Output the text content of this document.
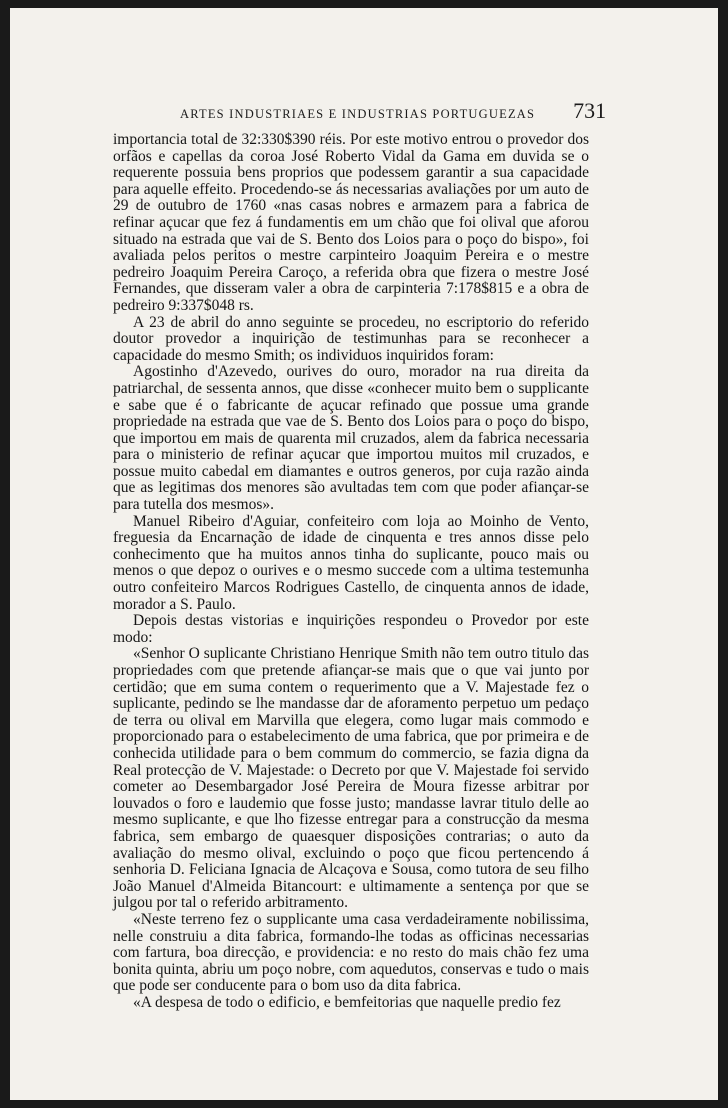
ARTES INDUSTRIAES E INDUSTRIAS PORTUGUEZAS 731

importancia total de 32:330$390 réis. Por este motivo entrou o provedor dos orfãos e capellas da coroa José Roberto Vidal da Gama em duvida se o requerente possuia bens proprios que podessem garantir a sua capacidade para aquelle effeito. Procedendo-se ás necessarias avaliações por um auto de 29 de outubro de 1760 «nas casas nobres e armazem para a fabrica de refinar açucar que fez á fundamentis em um chão que foi olival que aforou situado na estrada que vai de S. Bento dos Loios para o poço do bispo», foi avaliada pelos peritos o mestre carpinteiro Joaquim Pereira e o mestre pedreiro Joaquim Pereira Caroço, a referida obra que fizera o mestre José Fernandes, que disseram valer a obra de carpinteria 7:178$815 e a obra de pedreiro 9:337$048 rs.

A 23 de abril do anno seguinte se procedeu, no escriptorio do referido doutor provedor a inquirição de testimunhas para se reconhecer a capacidade do mesmo Smith; os individuos inquiridos foram:

Agostinho d'Azevedo, ourives do ouro, morador na rua direita da patriarchal, de sessenta annos, que disse «conhecer muito bem o supplicante e sabe que é o fabricante de açucar refinado que possue uma grande propriedade na estrada que vae de S. Bento dos Loios para o poço do bispo, que importou em mais de quarenta mil cruzados, alem da fabrica necessaria para o ministerio de refinar açucar que importou muitos mil cruzados, e possue muito cabedal em diamantes e outros generos, por cuja razão ainda que as legitimas dos menores são avultadas tem com que poder afiançar-se para tutella dos mesmos».

Manuel Ribeiro d'Aguiar, confeiteiro com loja ao Moinho de Vento, freguesia da Encarnação de idade de cinquenta e tres annos disse pelo conhecimento que ha muitos annos tinha do suplicante, pouco mais ou menos o que depoz o ourives e o mesmo succede com a ultima testemunha outro confeiteiro Marcos Rodrigues Castello, de cinquenta annos de idade, morador a S. Paulo.

Depois destas vistorias e inquirições respondeu o Provedor por este modo:

«Senhor O suplicante Christiano Henrique Smith não tem outro titulo das propriedades com que pretende afiançar-se mais que o que vai junto por certidão; que em suma contem o requerimento que a V. Majestade fez o suplicante, pedindo se lhe mandasse dar de aforamento perpetuo um pedaço de terra ou olival em Marvilla que elegera, como lugar mais commodo e proporcionado para o estabelecimento de uma fabrica, que por primeira e de conhecida utilidade para o bem commum do commercio, se fazia digna da Real protecção de V. Majestade: o Decreto por que V. Majestade foi servido cometer ao Desembargador José Pereira de Moura fizesse arbitrar por louvados o foro e laudemio que fosse justo; mandasse lavrar titulo delle ao mesmo suplicante, e que lho fizesse entregar para a construcção da mesma fabrica, sem embargo de quaesquer disposições contrarias; o auto da avaliação do mesmo olival, excluindo o poço que ficou pertencendo á senhoria D. Feliciana Ignacia de Alcaçova e Sousa, como tutora de seu filho João Manuel d'Almeida Bitancourt: e ultimamente a sentença por que se julgou por tal o referido arbitramento.

«Neste terreno fez o supplicante uma casa verdadeiramente nobilissima, nelle construiu a dita fabrica, formando-lhe todas as officinas necessarias com fartura, boa direcção, e providencia: e no resto do mais chão fez uma bonita quinta, abriu um poço nobre, com aquedutos, conservas e tudo o mais que pode ser conducente para o bom uso da dita fabrica.

«A despesa de todo o edificio, e bemfeitorias que naquelle predio fez
